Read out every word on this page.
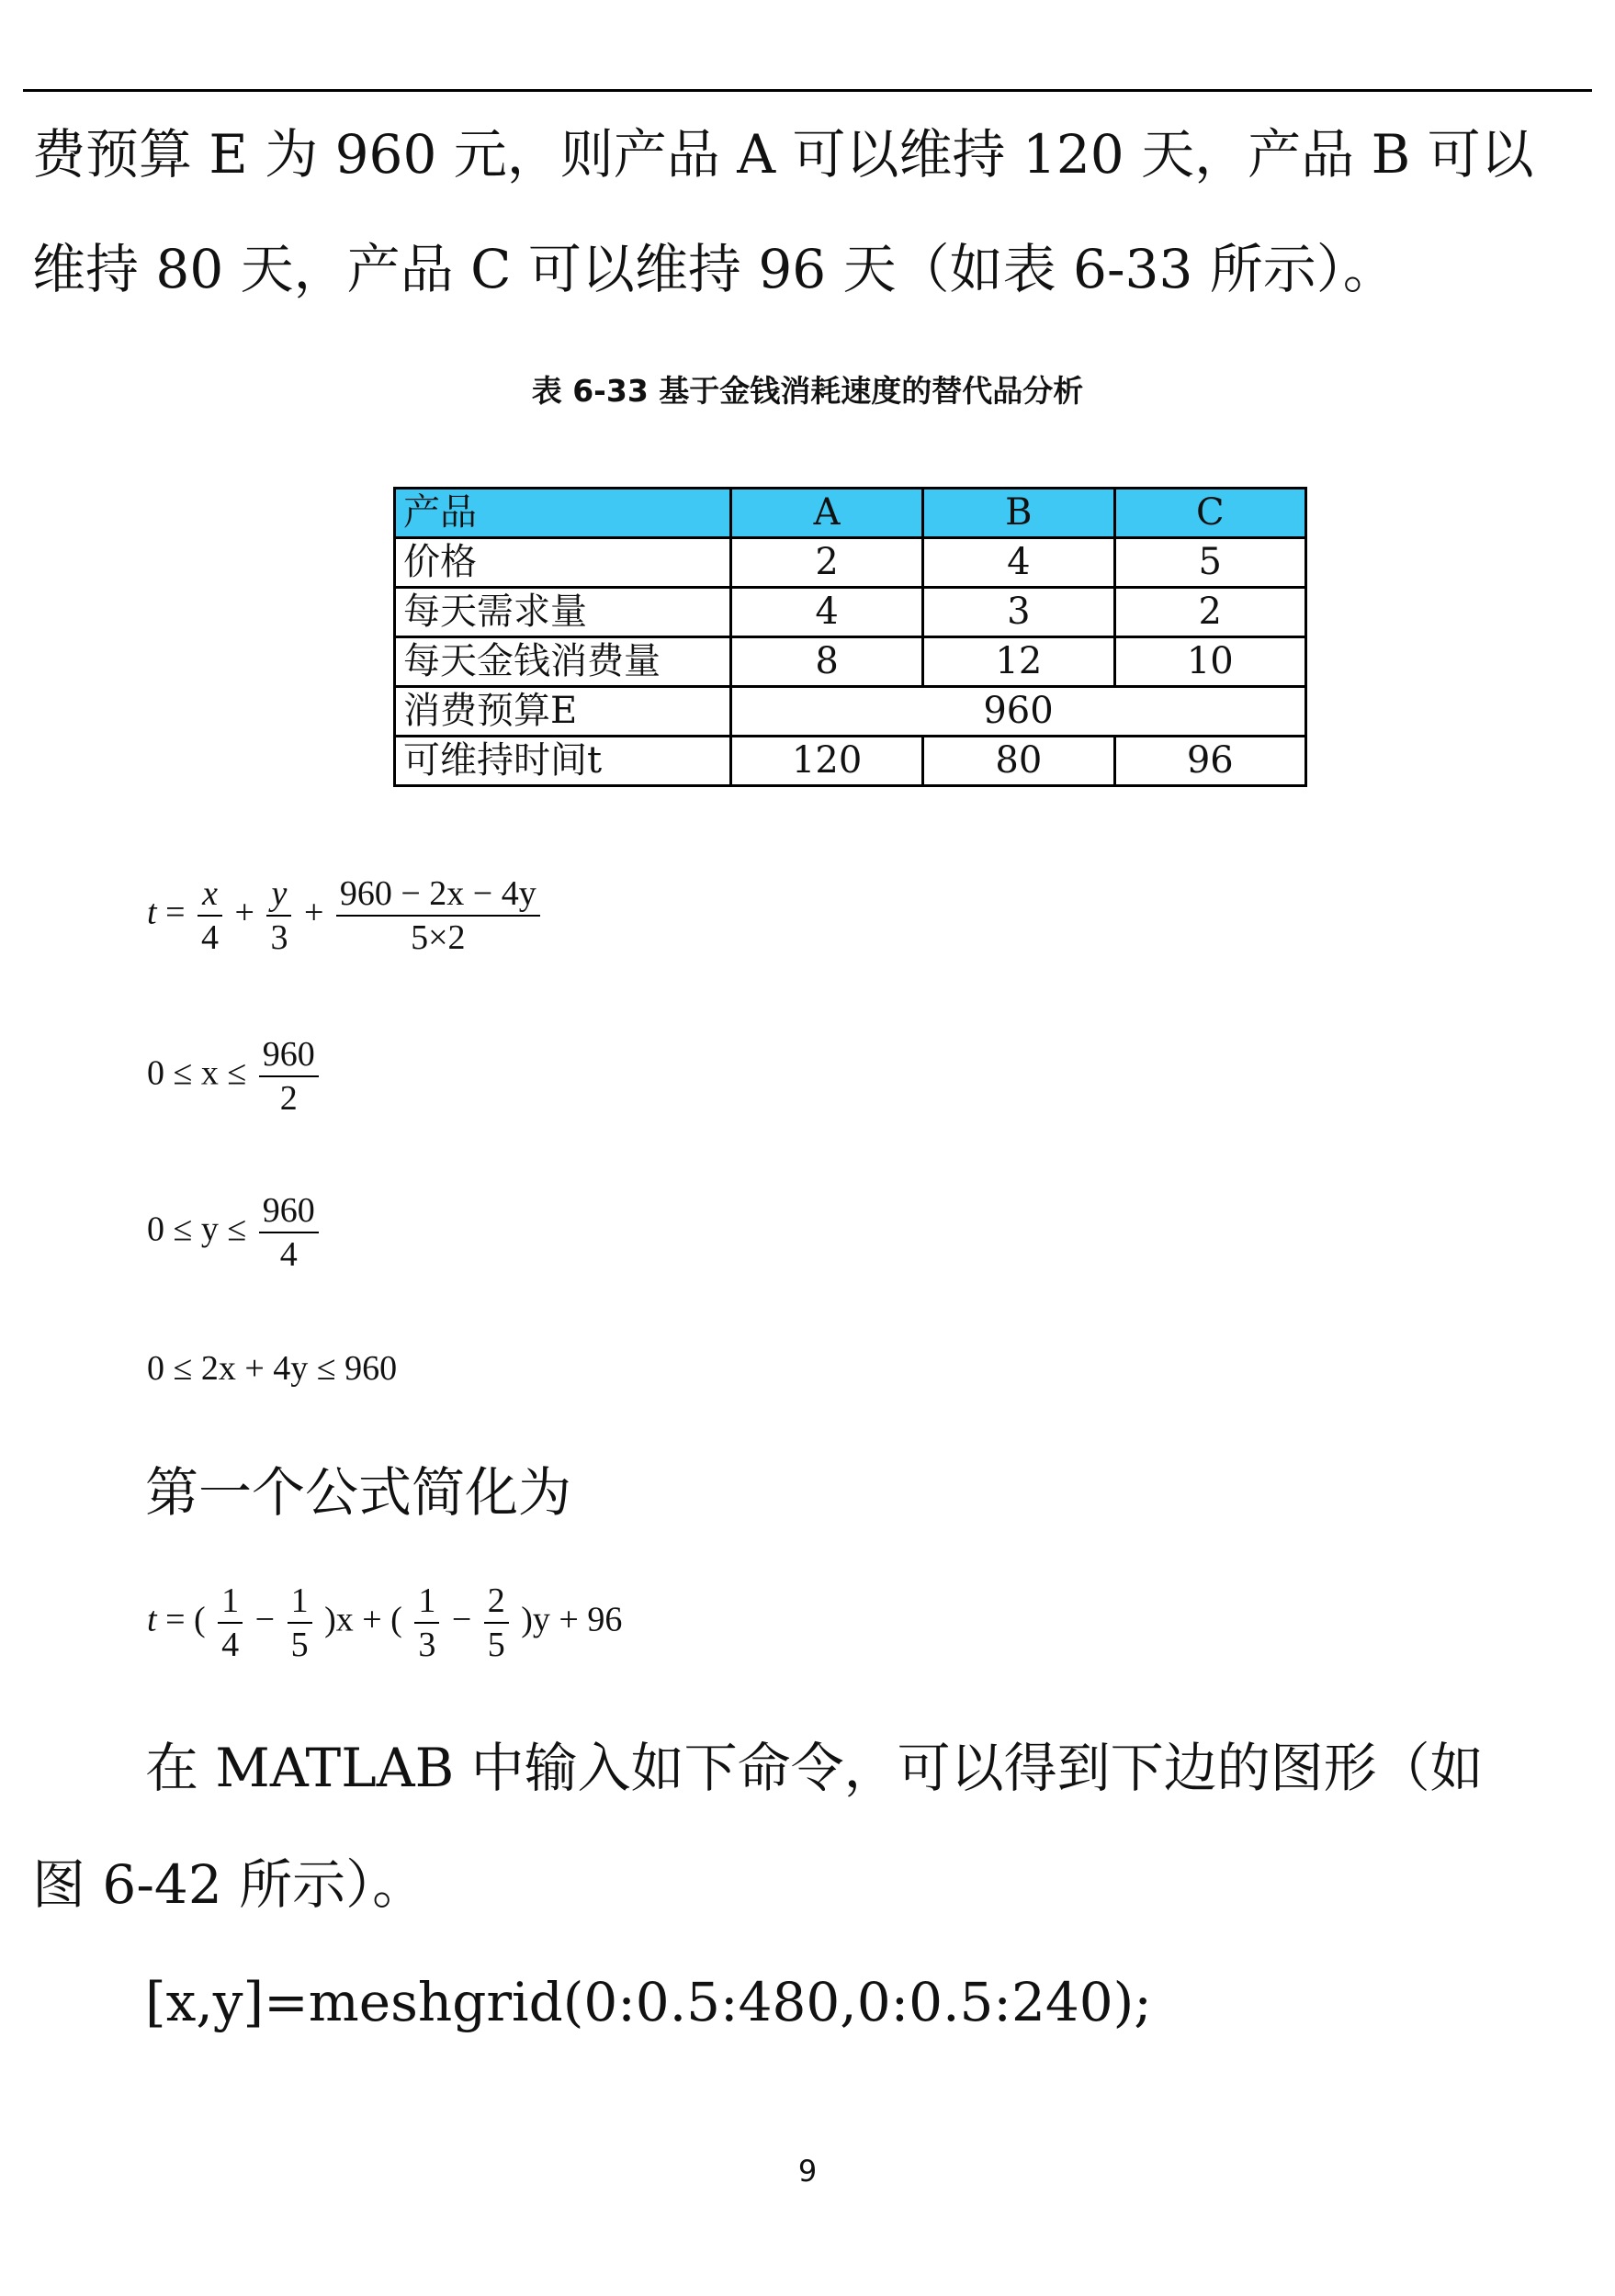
费预算 E 为 960 元，则产品 A 可以维持 120 天，产品 B 可以
维持 80 天，产品 C 可以维持 96 天（如表 6-33 所示）。
表 6-33 基于金钱消耗速度的替代品分析
产品	A	B	C
价格	2	4	5
每天需求量	4	3	2
每天金钱消费量	8	12	10
消费预算E	960		
可维持时间t	120	80	96
$t = \frac{x}{4} + \frac{y}{3} + \frac{960 - 2x - 4y}{5\times 2}$
$0 \le x \le \frac{960}{2}$
$0 \le y \le \frac{960}{4}$
0 ≤ 2x + 4y ≤ 960
第一个公式简化为
t = ( $\frac{1}{4} - \frac{1}{5} )x$ + ( $\frac{1}{3} - \frac{2}{5} )y + 96$
在 MATLAB 中输入如下命令，可以得到下边的图形（如
图 6-42 所示）。
[x,y]=meshgrid(0:0.5:480,0:0.5:240);
9
